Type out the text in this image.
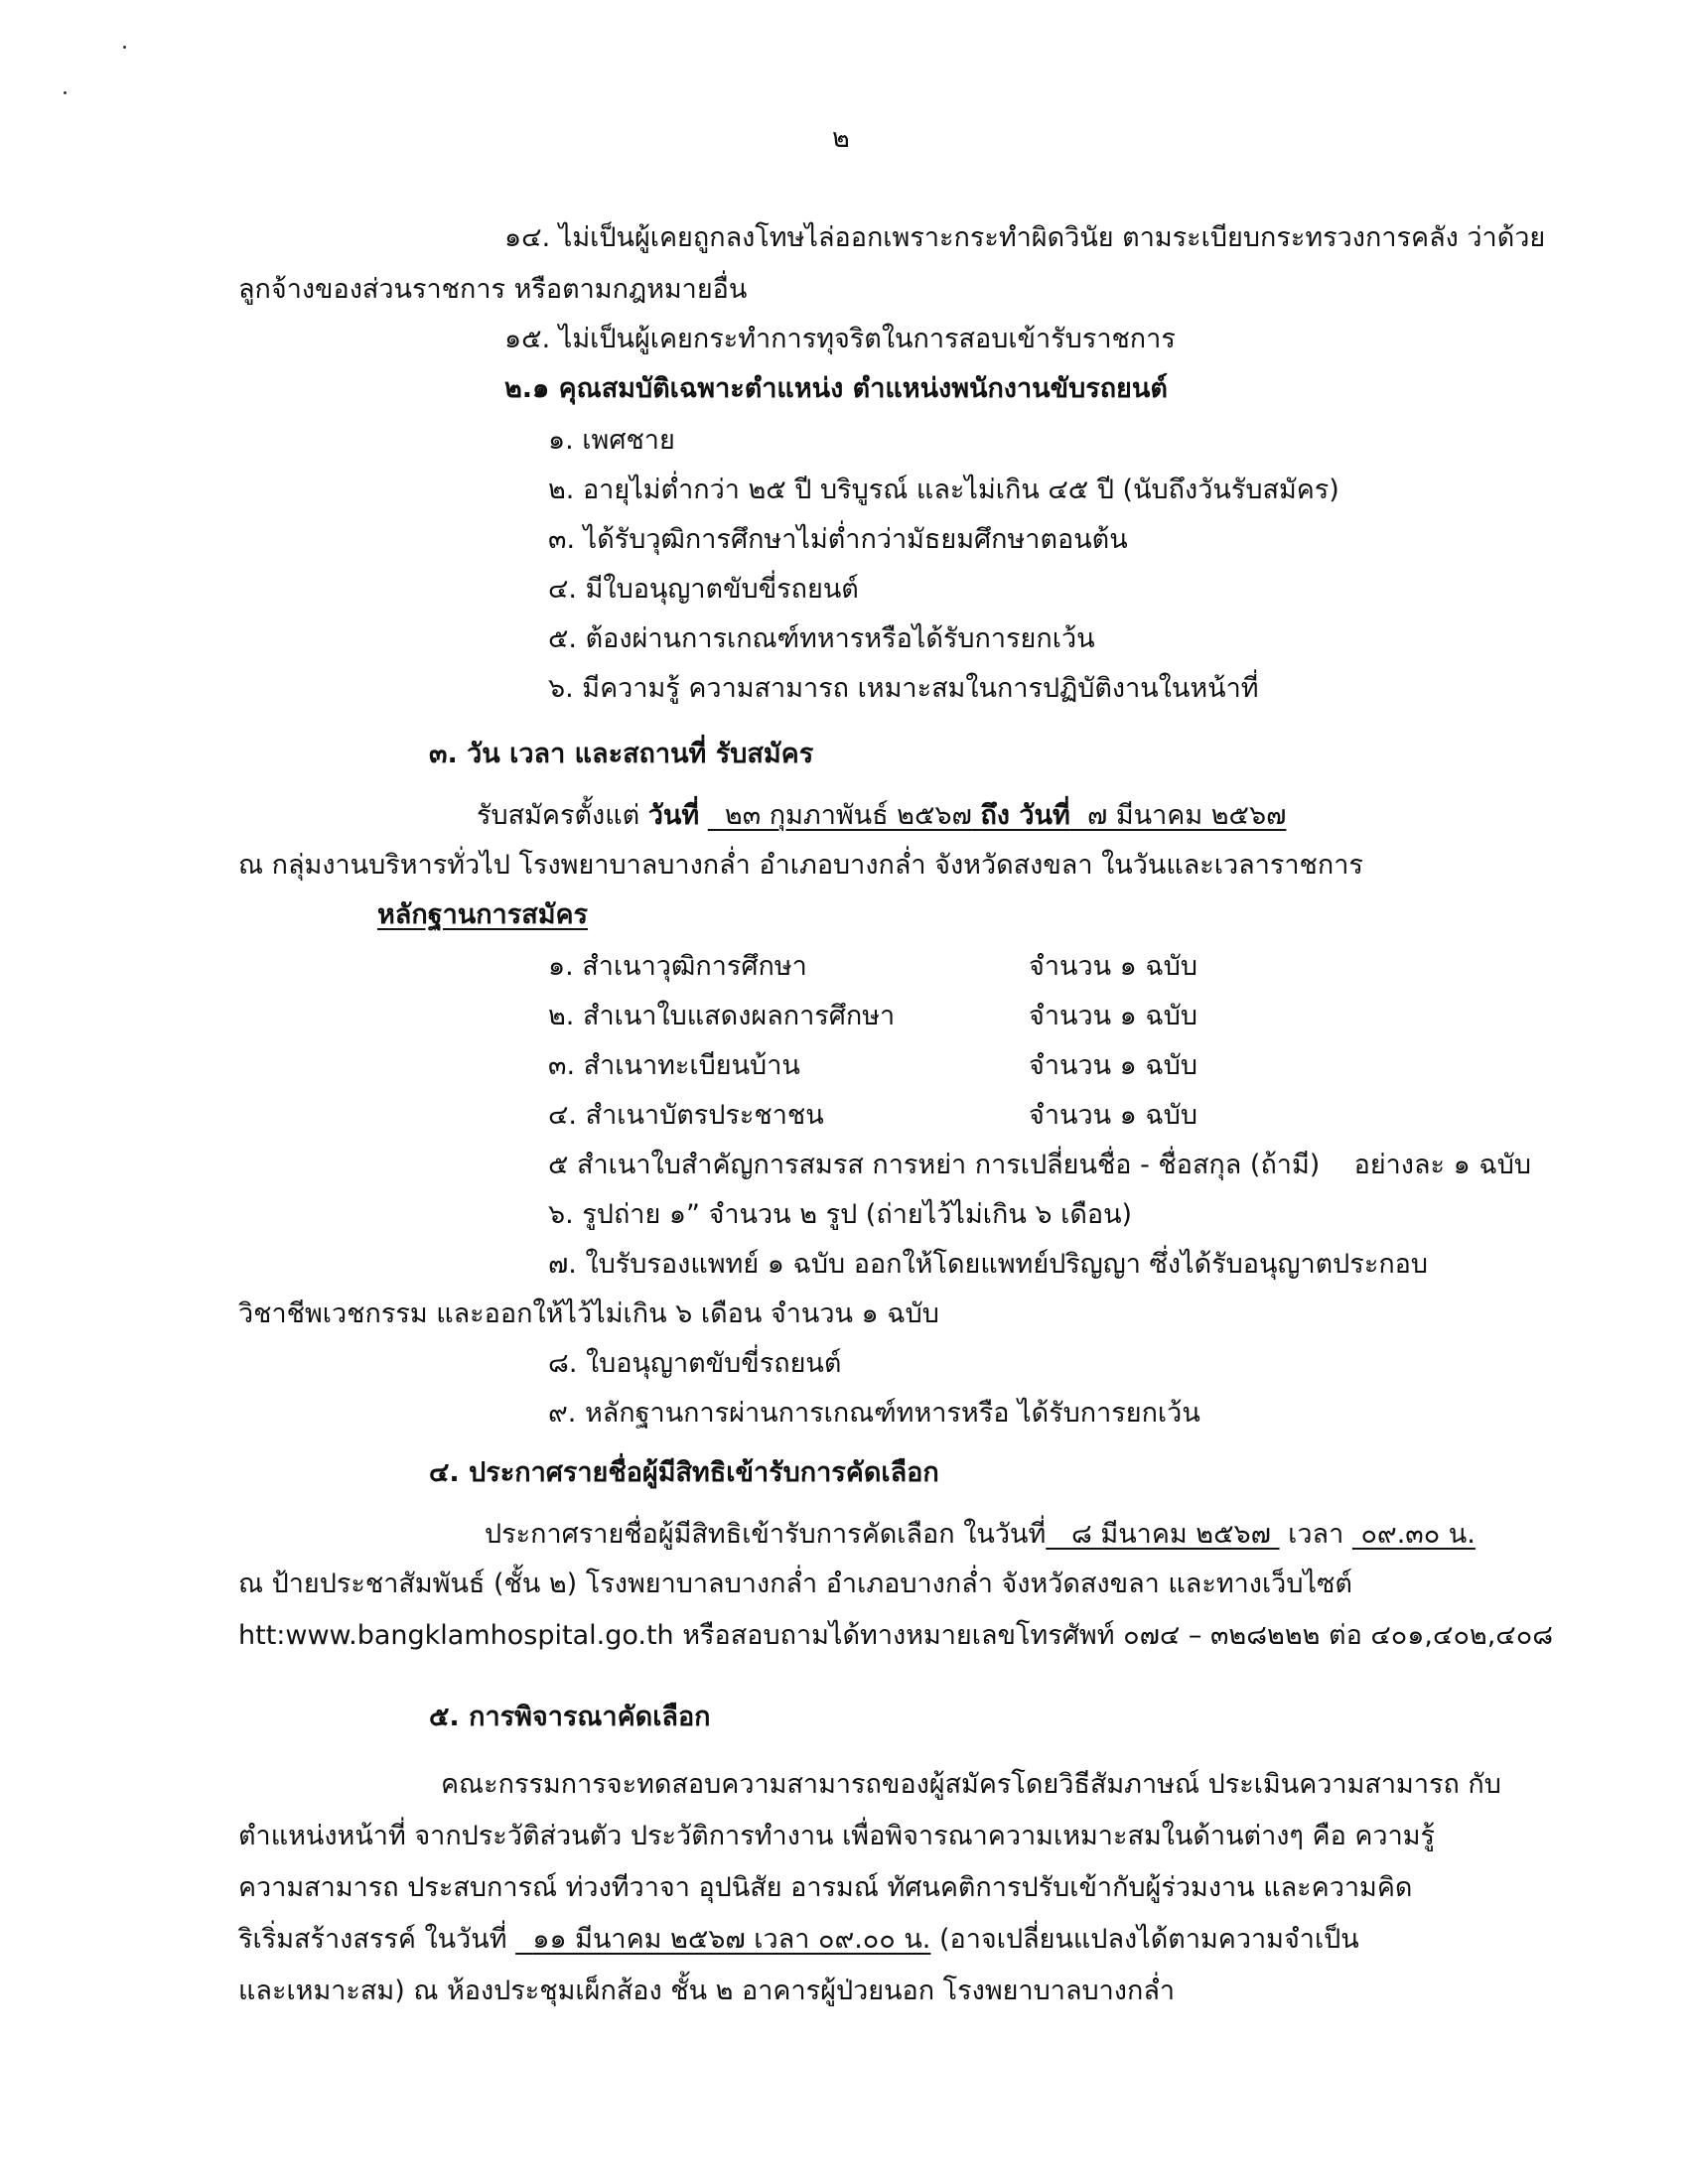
๒
๑๔. ไม่เป็นผู้เคยถูกลงโทษไล่ออกเพราะกระทำผิดวินัย ตามระเบียบกระทรวงการคลัง ว่าด้วย
ลูกจ้างของส่วนราชการ หรือตามกฎหมายอื่น
๑๕. ไม่เป็นผู้เคยกระทำการทุจริตในการสอบเข้ารับราชการ
๒.๑ คุณสมบัติเฉพาะตำแหน่ง ตำแหน่งพนักงานขับรถยนต์
๑. เพศชาย
๒. อายุไม่ต่ำกว่า ๒๕ ปี บริบูรณ์ และไม่เกิน ๔๕ ปี (นับถึงวันรับสมัคร)
๓. ได้รับวุฒิการศึกษาไม่ต่ำกว่ามัธยมศึกษาตอนต้น
๔. มีใบอนุญาตขับขี่รถยนต์
๕. ต้องผ่านการเกณฑ์ทหารหรือได้รับการยกเว้น
๖. มีความรู้ ความสามารถ เหมาะสมในการปฏิบัติงานในหน้าที่
๓. วัน เวลา และสถานที่ รับสมัคร
รับสมัครตั้งแต่ วันที่ ๒๓ กุมภาพันธ์ ๒๕๖๗ ถึง วันที่ ๗ มีนาคม ๒๕๖๗
ณ กลุ่มงานบริหารทั่วไป โรงพยาบาลบางกล่ำ อำเภอบางกล่ำ จังหวัดสงขลา ในวันและเวลาราชการ
หลักฐานการสมัคร
๑. สำเนาวุฒิการศึกษา	จำนวน ๑ ฉบับ
๒. สำเนาใบแสดงผลการศึกษา	จำนวน ๑ ฉบับ
๓. สำเนาทะเบียนบ้าน	จำนวน ๑ ฉบับ
๔. สำเนาบัตรประชาชน	จำนวน ๑ ฉบับ
๕ สำเนาใบสำคัญการสมรส การหย่า การเปลี่ยนชื่อ - ชื่อสกุล (ถ้ามี)    อย่างละ ๑ ฉบับ
๖. รูปถ่าย ๑” จำนวน ๒ รูป (ถ่ายไว้ไม่เกิน ๖ เดือน)
๗. ใบรับรองแพทย์ ๑ ฉบับ ออกให้โดยแพทย์ปริญญา ซึ่งได้รับอนุญาตประกอบ
วิชาชีพเวชกรรม และออกให้ไว้ไม่เกิน ๖ เดือน จำนวน ๑ ฉบับ
๘. ใบอนุญาตขับขี่รถยนต์
๙. หลักฐานการผ่านการเกณฑ์ทหารหรือ ได้รับการยกเว้น
๔. ประกาศรายชื่อผู้มีสิทธิเข้ารับการคัดเลือก
ประกาศรายชื่อผู้มีสิทธิเข้ารับการคัดเลือก ในวันที่ ๘ มีนาคม ๒๕๖๗ เวลา ๐๙.๓๐ น.
ณ ป้ายประชาสัมพันธ์ (ชั้น ๒) โรงพยาบาลบางกล่ำ อำเภอบางกล่ำ จังหวัดสงขลา และทางเว็บไซต์
htt:www.bangklamhospital.go.th หรือสอบถามได้ทางหมายเลขโทรศัพท์ ๐๗๔ – ๓๒๘๒๒๒ ต่อ ๔๐๑,๔๐๒,๔๐๘
๕. การพิจารณาคัดเลือก
คณะกรรมการจะทดสอบความสามารถของผู้สมัครโดยวิธีสัมภาษณ์ ประเมินความสามารถ กับ
ตำแหน่งหน้าที่ จากประวัติส่วนตัว ประวัติการทำงาน เพื่อพิจารณาความเหมาะสมในด้านต่างๆ คือ ความรู้
ความสามารถ ประสบการณ์ ท่วงทีวาจา อุปนิสัย อารมณ์ ทัศนคติการปรับเข้ากับผู้ร่วมงาน และความคิด
ริเริ่มสร้างสรรค์ ในวันที่ ๑๑ มีนาคม ๒๕๖๗ เวลา ๐๙.๐๐ น. (อาจเปลี่ยนแปลงได้ตามความจำเป็น
และเหมาะสม) ณ ห้องประชุมเผ็กส้อง ชั้น ๒ อาคารผู้ป่วยนอก โรงพยาบาลบางกล่ำ
